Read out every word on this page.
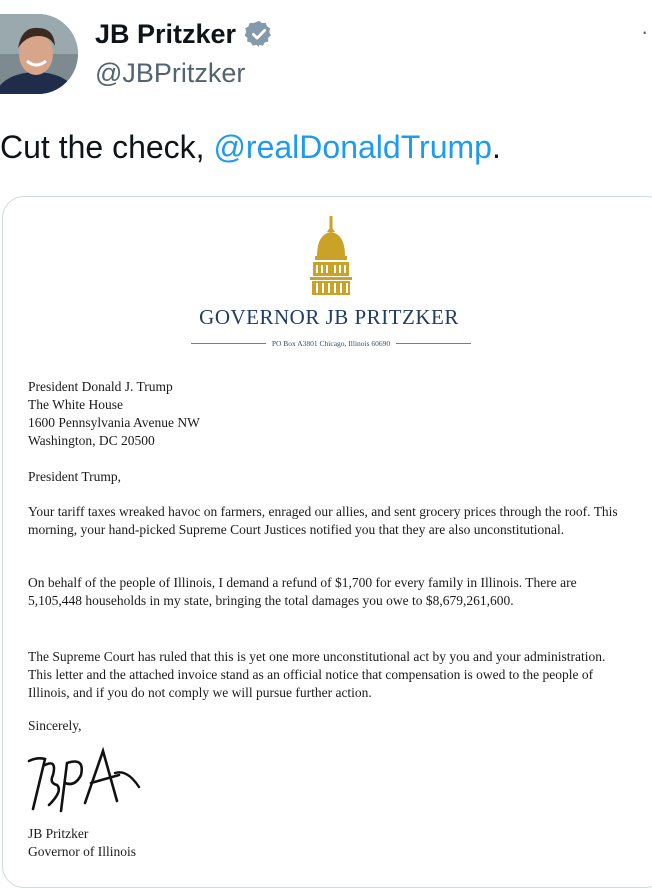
JB Pritzker
@JBPritzker
·
Cut the check, @realDonaldTrump.
GOVERNOR JB PRITZKER
PO Box A3801 Chicago, Illinois 60690
President Donald J. Trump
The White House
1600 Pennsylvania Avenue NW
Washington, DC 20500
President Trump,
Your tariff taxes wreaked havoc on farmers, enraged our allies, and sent grocery prices through the roof. This morning, your hand-picked Supreme Court Justices notified you that they are also unconstitutional.
On behalf of the people of Illinois, I demand a refund of $1,700 for every family in Illinois. There are 5,105,448 households in my state, bringing the total damages you owe to $8,679,261,600.
The Supreme Court has ruled that this is yet one more unconstitutional act by you and your administration. This letter and the attached invoice stand as an official notice that compensation is owed to the people of Illinois, and if you do not comply we will pursue further action.
Sincerely,
JB Pritzker
Governor of Illinois
